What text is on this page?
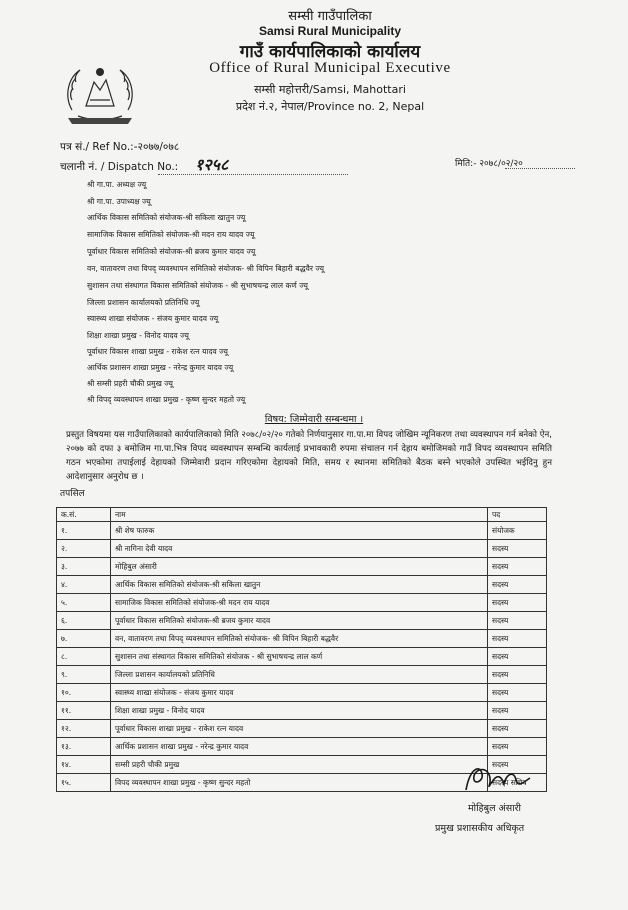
सम्सी गाउँपालिका
Samsi Rural Municipality
गाउँ कार्यपालिकाको कार्यालय
Office of Rural Municipal Executive
सम्सी महोत्तरी/Samsi, Mahottari
प्रदेश नं.२, नेपाल/Province no. 2, Nepal
पत्र सं./ Ref No.:-२०७७/०७८
चलानी नं. / Dispatch No.: १२५८	मिति:- २०७८/०२/२०
श्री गा.पा. अध्यक्ष ज्यू
श्री गा.पा. उपाध्यक्ष ज्यू
आर्थिक विकास समितिको संयोजक-श्री सकिला खातुन ज्यू
सामाजिक विकास समितिको संयोजक-श्री मदन राय यादव ज्यू
पूर्वाधार विकास समितिको संयोजक-श्री ब्रजय कुमार यादव ज्यू
वन, वातावरण तथा विपद् व्यवस्थापन समितिको संयोजक- श्री विपिन बिहारी बद्धवैर ज्यू
सुशासन तथा संस्थागत विकास समितिको संयोजक - श्री सुभाषचन्द्र लाल कर्ण ज्यू
जिल्ला प्रशासन कार्यालयको प्रतिनिधि ज्यू
स्वास्थ्य शाखा संयोजक - संजय कुमार यादव ज्यू
शिक्षा शाखा प्रमुख - विनोद यादव ज्यू
पूर्वाधार विकास शाखा प्रमुख - राकेश रत्न यादव ज्यू
आर्थिक प्रशासन शाखा प्रमुख - नरेन्द्र कुमार यादव ज्यू
श्री सम्सी प्रहरी चौकी प्रमुख ज्यू
श्री विपद् व्यवस्थापन शाखा प्रमुख - कृष्ण सुन्दर महतो ज्यू
विषय: जिम्मेवारी सम्बन्धमा ।
प्रस्तुत विषयमा यस गाउँपालिकाको कार्यपालिकाको मिति २०७८/०२/२० गतेको निर्णयानुसार गा.पा.मा विपद जोखिम न्यूनिकरण तथा व्यवस्थापन गर्न बनेको ऐन, २०७७ को दफा ३ बमोजिम गा.पा.भित्र विपद व्यवस्थापन सम्बन्धि कार्यलाई प्रभावकारी रुपमा संचालन गर्न देहाय बमोजिमको गाउँ विपद व्यवस्थापन समिति गठन भएकोमा तपाईलाई देहायको जिम्मेवारी प्रदान गरिएकोमा देहायको मिति, समय र स्थानमा समितिको बैठक बस्ने भएकोले उपस्थित भईदिनु हुन आदेशानुसार अनुरोध छ ।
तपसिल
क.सं.	नाम	पद
१.	श्री शेष फारुक	संयोजक
२.	श्री नागिना देवी यादव	सदस्य
३.	मोहिबुल अंसारी	सदस्य
४.	आर्थिक विकास समितिको संयोजक-श्री सकिला खातुन	सदस्य
५.	सामाजिक विकास समितिको संयोजक-श्री मदन राय यादव	सदस्य
६.	पूर्वाधार विकास समितिको संयोजक-श्री ब्रजय कुमार यादव	सदस्य
७.	वन, वातावरण तथा विपद् व्यवस्थापन समितिको संयोजक- श्री विपिन बिहारी बद्धवैर	सदस्य
८.	सुशासन तथा संस्थागत विकास समितिको संयोजक - श्री सुभाषचन्द्र लाल कर्ण	सदस्य
९.	जिल्ला प्रशासन कार्यालयको प्रतिनिधि	सदस्य
१०.	स्वास्थ्य शाखा संयोजक - संजय कुमार यादव	सदस्य
११.	शिक्षा शाखा प्रमुख - विनोद यादव	सदस्य
१२.	पूर्वाधार विकास शाखा प्रमुख - राकेश रत्न यादव	सदस्य
१३.	आर्थिक प्रशासन शाखा प्रमुख - नरेन्द्र कुमार यादव	सदस्य
१४.	सम्सी प्रहरी चौकी प्रमुख	सदस्य
१५.	विपद व्यवस्थापन शाखा प्रमुख - कृष्ण सुन्दर महतो	सदस्य सचिव
मोहिबुल अंसारी
प्रमुख प्रशासकीय अधिकृत
